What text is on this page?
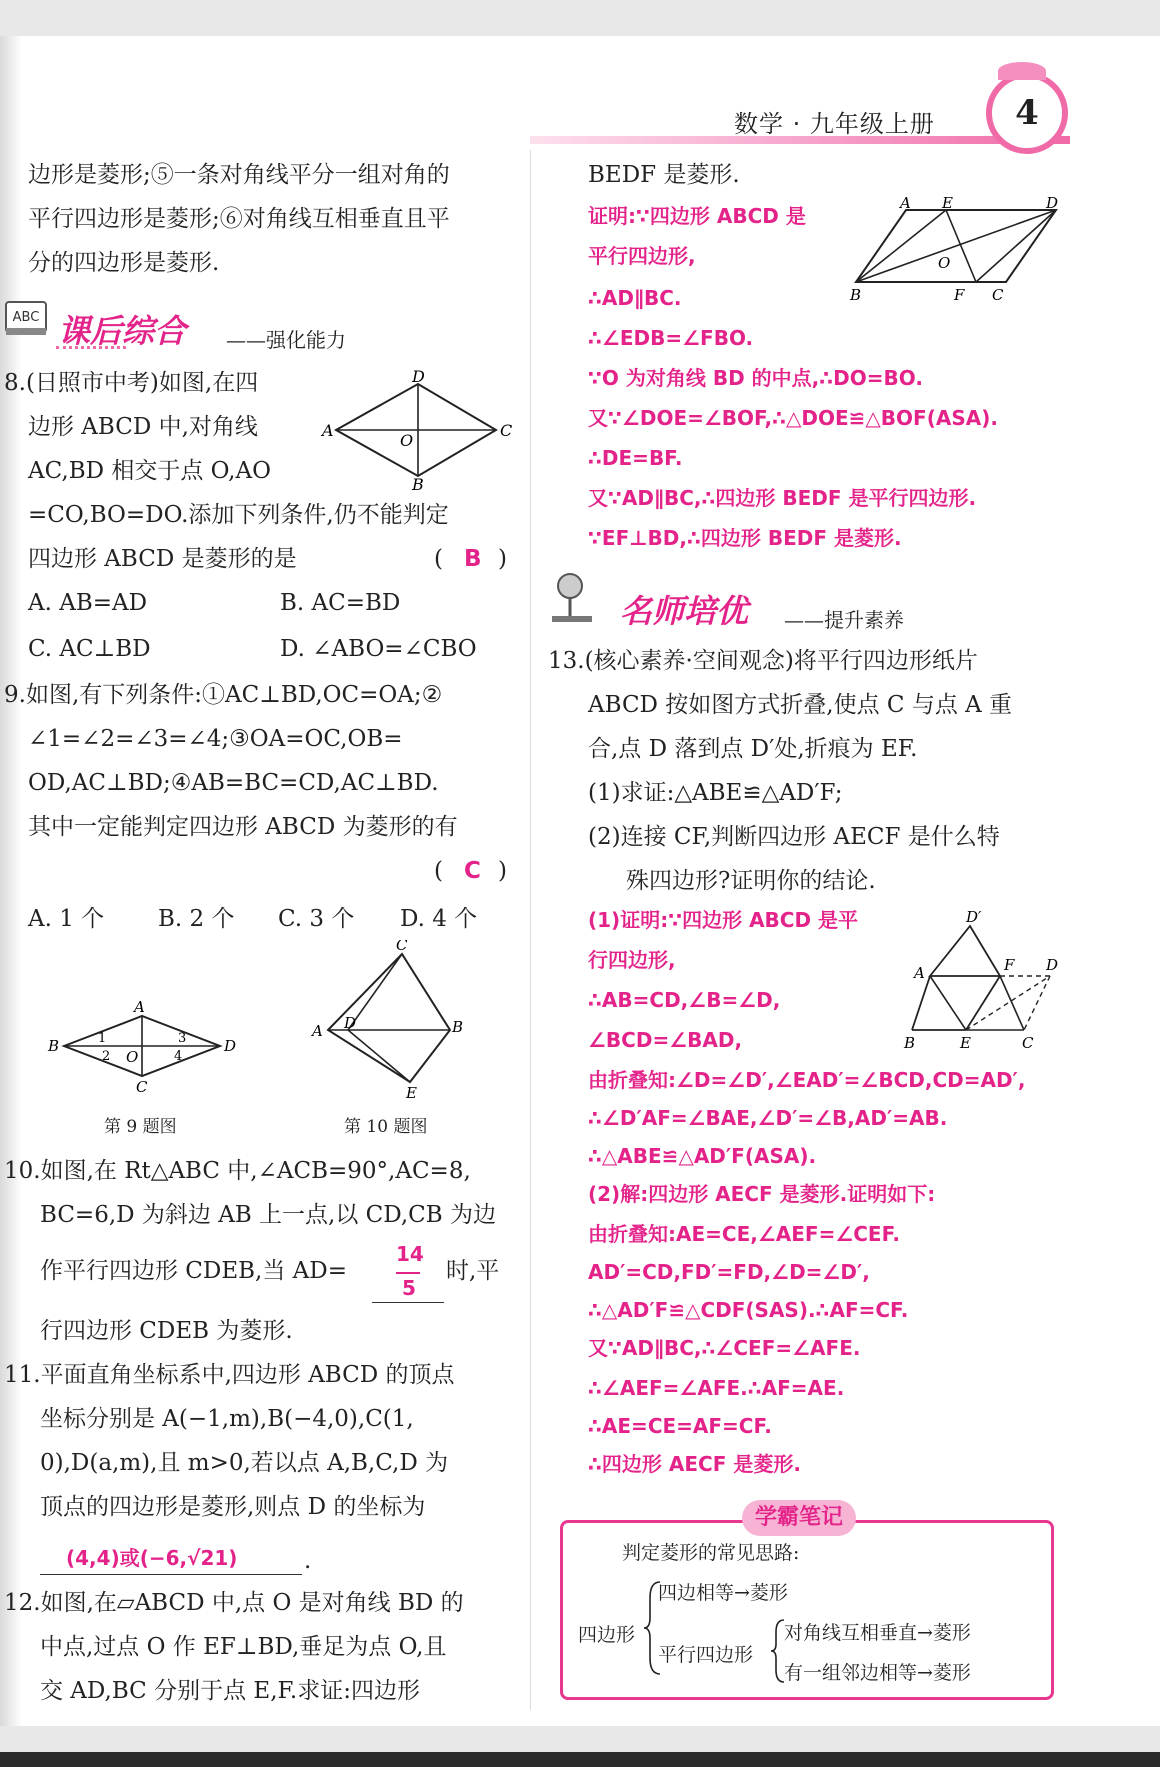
数学 · 九年级上册	4
边形是菱形;⑤一条对角线平分一组对角的
平行四边形是菱形;⑥对角线互相垂直且平
分的四边形是菱形.
ABC 课后综合 ——强化能力
8.(日照市中考)如图,在四
边形 ABCD 中,对角线
AC,BD 相交于点 O,AO
=CO,BO=DO.添加下列条件,仍不能判定
四边形 ABCD 是菱形的是	( B )
A. AB=AD	B. AC=BD
C. AC⊥BD	D. ∠ABO=∠CBO
A
B
C
D
O
9.如图,有下列条件:①AC⊥BD,OC=OA;②
∠1=∠2=∠3=∠4;③OA=OC,OB=
OD,AC⊥BD;④AB=BC=CD,AC⊥BD.
其中一定能判定四边形 ABCD 为菱形的有
( C )
A. 1 个 B. 2 个 C. 3 个 D. 4 个
A
B
C
D
O
1
2
3
4
第 9 题图
A	B
C
D
E
第 10 题图
10.如图,在 Rt△ABC 中,∠ACB=90°,AC=8,
BC=6,D 为斜边 AB 上一点,以 CD,CB 为边
作平行四边形 CDEB,当 AD=
14
5
时,平
行四边形 CDEB 为菱形.
11.平面直角坐标系中,四边形 ABCD 的顶点
坐标分别是 A(−1,m),B(−4,0),C(1,
0),D(a,m),且 m>0,若以点 A,B,C,D 为
顶点的四边形是菱形,则点 D 的坐标为
(4,4)或(−6,√21)	.
12.如图,在▱ABCD 中,点 O 是对角线 BD 的
中点,过点 O 作 EF⊥BD,垂足为点 O,且
交 AD,BC 分别于点 E,F.求证:四边形
BEDF 是菱形.
证明:∵四边形 ABCD 是
平行四边形,
∴AD∥BC.
∴∠EDB=∠FBO.
∵O 为对角线 BD 的中点,∴DO=BO.
又∵∠DOE=∠BOF,∴△DOE≌△BOF(ASA).
∴DE=BF.
又∵AD∥BC,∴四边形 BEDF 是平行四边形.
∵EF⊥BD,∴四边形 BEDF 是菱形.
A E	D
O
B	F C
名师培优 ——提升素养
13.(核心素养·空间观念)将平行四边形纸片
ABCD 按如图方式折叠,使点 C 与点 A 重
合,点 D 落到点 D′处,折痕为 EF.
(1)求证:△ABE≌△AD′F;
(2)连接 CF,判断四边形 AECF 是什么特
殊四边形?证明你的结论.
D′
A	F D
B	E	C
(1)证明:∵四边形 ABCD 是平
行四边形,
∴AB=CD,∠B=∠D,
∠BCD=∠BAD,
由折叠知:∠D=∠D′,∠EAD′=∠BCD,CD=AD′,
∴∠D′AF=∠BAE,∠D′=∠B,AD′=AB.
∴△ABE≌△AD′F(ASA).
(2)解:四边形 AECF 是菱形.证明如下:
由折叠知:AE=CE,∠AEF=∠CEF.
AD′=CD,FD′=FD,∠D=∠D′,
∴△AD′F≌△CDF(SAS).∴AF=CF.
又∵AD∥BC,∴∠CEF=∠AFE.
∴∠AEF=∠AFE.∴AF=AE.
∴AE=CE=AF=CF.
∴四边形 AECF 是菱形.
学霸笔记
判定菱形的常见思路:
四边形
四边相等→菱形
平行四边形
对角线互相垂直→菱形
有一组邻边相等→菱形
